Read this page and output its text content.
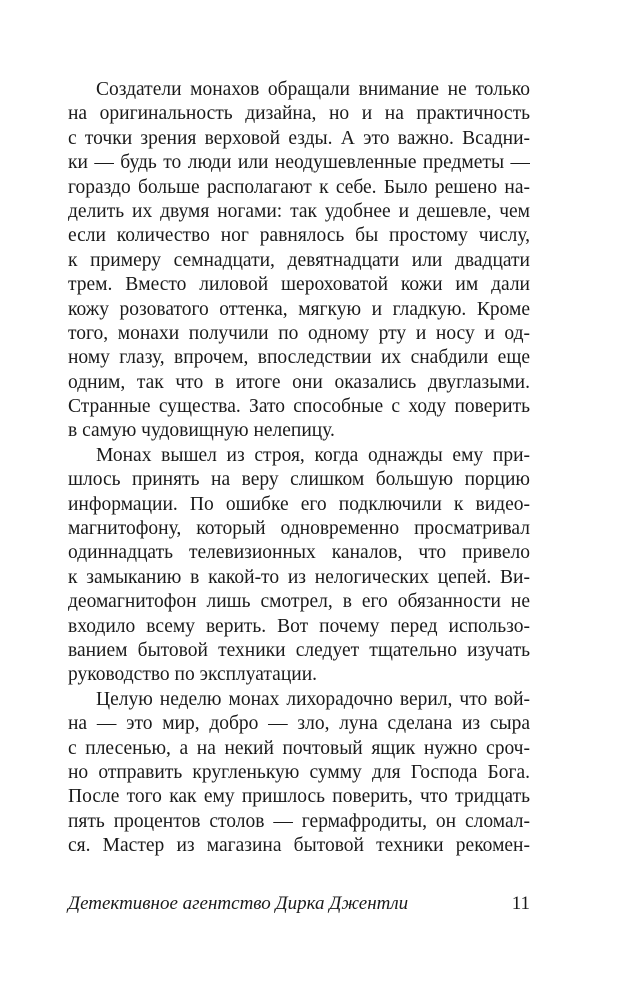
Создатели монахов обращали внимание не только
на оригинальность дизайна, но и на практичность
с точки зрения верховой езды. А это важно. Всадни-
ки — будь то люди или неодушевленные предметы —
гораздо больше располагают к себе. Было решено на-
делить их двумя ногами: так удобнее и дешевле, чем
если количество ног равнялось бы простому числу,
к примеру семнадцати, девятнадцати или двадцати
трем. Вместо лиловой шероховатой кожи им дали
кожу розоватого оттенка, мягкую и гладкую. Кроме
того, монахи получили по одному рту и носу и од-
ному глазу, впрочем, впоследствии их снабдили еще
одним, так что в итоге они оказались двуглазыми.
Странные существа. Зато способные с ходу поверить
в самую чудовищную нелепицу.
Монах вышел из строя, когда однажды ему при-
шлось принять на веру слишком большую порцию
информации. По ошибке его подключили к видео-
магнитофону, который одновременно просматривал
одиннадцать телевизионных каналов, что привело
к замыканию в какой-то из нелогических цепей. Ви-
деомагнитофон лишь смотрел, в его обязанности не
входило всему верить. Вот почему перед использо-
ванием бытовой техники следует тщательно изучать
руководство по эксплуатации.
Целую неделю монах лихорадочно верил, что вой-
на — это мир, добро — зло, луна сделана из сыра
с плесенью, а на некий почтовый ящик нужно сроч-
но отправить кругленькую сумму для Господа Бога.
После того как ему пришлось поверить, что тридцать
пять процентов столов — гермафродиты, он сломал-
ся. Мастер из магазина бытовой техники рекомен-
Детективное агентство Дирка Джентли	11
